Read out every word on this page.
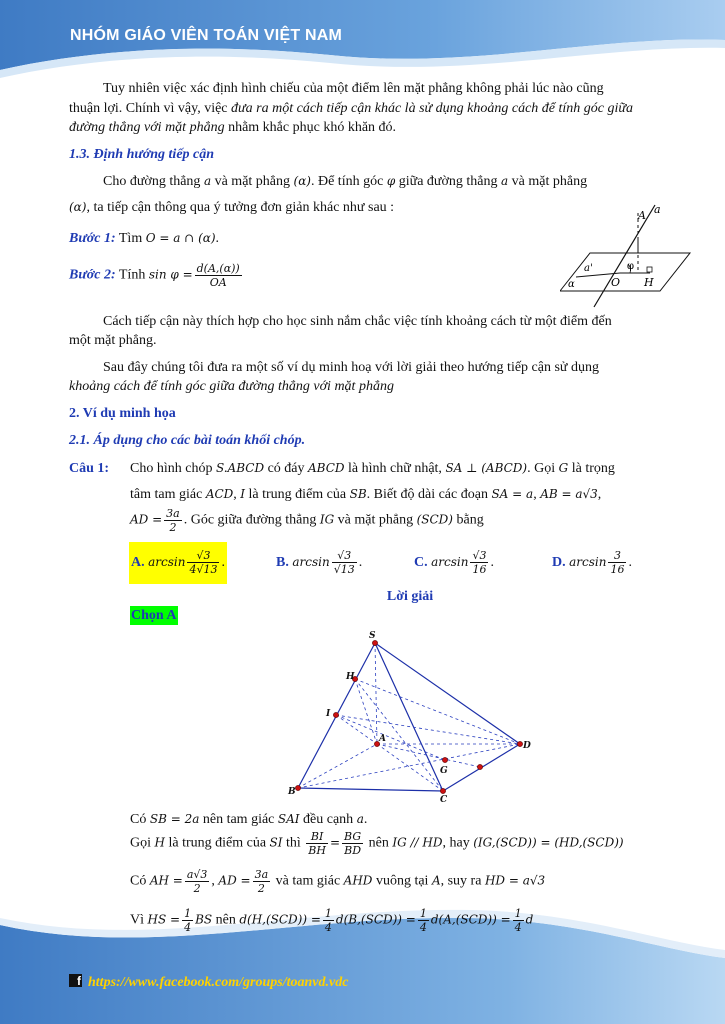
NHÓM GIÁO VIÊN TOÁN VIỆT NAM
Tuy nhiên việc xác định hình chiếu của một điểm lên mặt phẳng không phải lúc nào cũng
thuận lợi. Chính vì vậy, việc đưa ra một cách tiếp cận khác là sử dụng khoảng cách để tính góc giữa
đường thẳng với mặt phẳng nhằm khắc phục khó khăn đó.
1.3. Định hướng tiếp cận
Cho đường thẳng a và mặt phẳng (α). Để tính góc φ giữa đường thẳng a và mặt phẳng
(α), ta tiếp cận thông qua ý tưởng đơn giản khác như sau :
Bước 1: Tìm O = a ∩ (α).
Bước 2: Tính $\sin \varphi = \frac{d(A,(\alpha))}{OA}$
A a
a'	φ
α	O H
Cách tiếp cận này thích hợp cho học sinh nắm chắc việc tính khoảng cách từ một điểm đến
một mặt phẳng.
Sau đây chúng tôi đưa ra một số ví dụ minh hoạ với lời giải theo hướng tiếp cận sử dụng
khoảng cách để tính góc giữa đường thẳng với mặt phẳng
2. Ví dụ minh họa
2.1. Áp dụng cho các bài toán khối chóp.
Câu 1: Cho hình chóp S.ABCD có đáy ABCD là hình chữ nhật, SA ⊥ (ABCD). Gọi G là trọng
tâm tam giác ACD, I là trung điểm của SB. Biết độ dài các đoạn SA = a, AB = a√3,
AD = $\frac{3a}{2}$ . Góc giữa đường thẳng IG và mặt phẳng (SCD) bằng
A. $\arcsin \frac{√3}{4√13}$ .	B. $\arcsin \frac{√3}{√13}$ .	C. $\arcsin \frac{√3}{16}$ .	D. $\arcsin \frac{3}{16}$ .
Lời giải
Chọn A
S
H
I
A
D
G
B
C
Có SB = 2a nên tam giác SAI đều cạnh a.
Gọi H là trung điểm của SI thì $\frac{BI}{BH} = \frac{BG}{BD}$ nên IG // HD, hay (IG,(SCD)) = (HD,(SCD))
Có AH = $\frac{a√3}{2}$ , AD = $\frac{3a}{2}$ và tam giác AHD vuông tại A, suy ra HD = a√3
Vì HS = $\frac{1}{4}$ BS nên $d(H,(SCD)) = \frac{1}{4} d(B,(SCD)) = \frac{1}{4} d(A,(SCD)) = \frac{1}{4}$ d
f https://www.facebook.com/groups/toanvd.vdc
